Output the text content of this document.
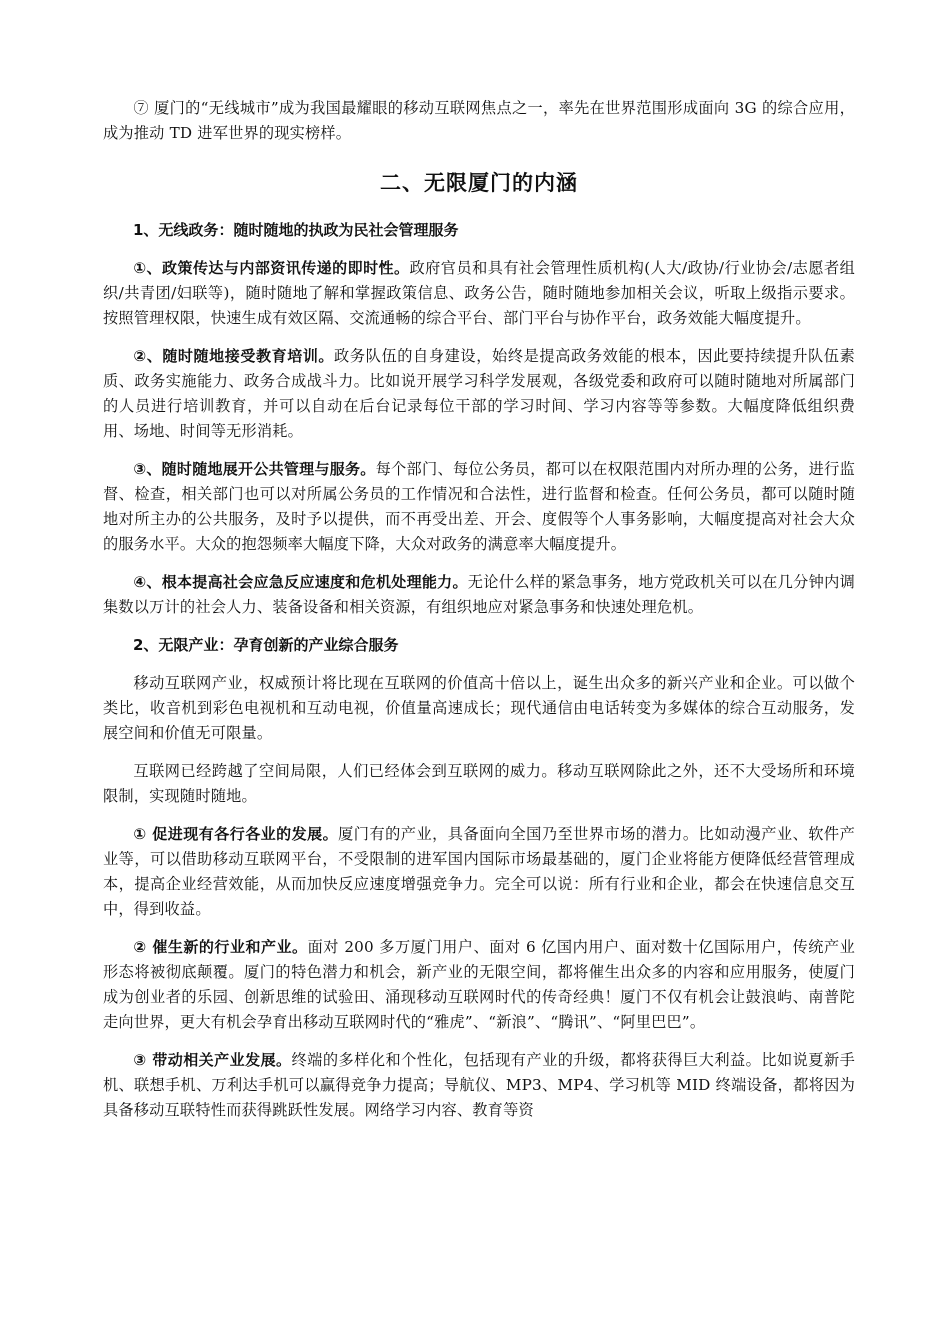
⑦ 厦门的“无线城市”成为我国最耀眼的移动互联网焦点之一，率先在世界范围形成面向 3G 的综合应用，成为推动 TD 进军世界的现实榜样。

二、无限厦门的内涵
1、无线政务：随时随地的执政为民社会管理服务

①、政策传达与内部资讯传递的即时性。政府官员和具有社会管理性质机构(人大/政协/行业协会/志愿者组织/共青团/妇联等)，随时随地了解和掌握政策信息、政务公告，随时随地参加相关会议，听取上级指示要求。按照管理权限，快速生成有效区隔、交流通畅的综合平台、部门平台与协作平台，政务效能大幅度提升。

②、随时随地接受教育培训。政务队伍的自身建设，始终是提高政务效能的根本，因此要持续提升队伍素质、政务实施能力、政务合成战斗力。比如说开展学习科学发展观，各级党委和政府可以随时随地对所属部门的人员进行培训教育，并可以自动在后台记录每位干部的学习时间、学习内容等等参数。大幅度降低组织费用、场地、时间等无形消耗。

③、随时随地展开公共管理与服务。每个部门、每位公务员，都可以在权限范围内对所办理的公务，进行监督、检查，相关部门也可以对所属公务员的工作情况和合法性，进行监督和检查。任何公务员，都可以随时随地对所主办的公共服务，及时予以提供，而不再受出差、开会、度假等个人事务影响，大幅度提高对社会大众的服务水平。大众的抱怨频率大幅度下降，大众对政务的满意率大幅度提升。

④、根本提高社会应急反应速度和危机处理能力。无论什么样的紧急事务，地方党政机关可以在几分钟内调集数以万计的社会人力、装备设备和相关资源，有组织地应对紧急事务和快速处理危机。

2、无限产业：孕育创新的产业综合服务

移动互联网产业，权威预计将比现在互联网的价值高十倍以上，诞生出众多的新兴产业和企业。可以做个类比，收音机到彩色电视机和互动电视，价值量高速成长；现代通信由电话转变为多媒体的综合互动服务，发展空间和价值无可限量。

互联网已经跨越了空间局限，人们已经体会到互联网的威力。移动互联网除此之外，还不大受场所和环境限制，实现随时随地。

① 促进现有各行各业的发展。厦门有的产业，具备面向全国乃至世界市场的潜力。比如动漫产业、软件产业等，可以借助移动互联网平台，不受限制的进军国内国际市场最基础的，厦门企业将能方便降低经营管理成本，提高企业经营效能，从而加快反应速度增强竞争力。完全可以说：所有行业和企业，都会在快速信息交互中，得到收益。

② 催生新的行业和产业。面对 200 多万厦门用户、面对 6 亿国内用户、面对数十亿国际用户，传统产业形态将被彻底颠覆。厦门的特色潜力和机会，新产业的无限空间，都将催生出众多的内容和应用服务，使厦门成为创业者的乐园、创新思维的试验田、涌现移动互联网时代的传奇经典！厦门不仅有机会让鼓浪屿、南普陀走向世界，更大有机会孕育出移动互联网时代的“雅虎”、“新浪”、“腾讯”、“阿里巴巴”。

③ 带动相关产业发展。终端的多样化和个性化，包括现有产业的升级，都将获得巨大利益。比如说夏新手机、联想手机、万利达手机可以赢得竞争力提高；导航仪、MP3、MP4、学习机等 MID 终端设备，都将因为具备移动互联特性而获得跳跃性发展。网络学习内容、教育等资
